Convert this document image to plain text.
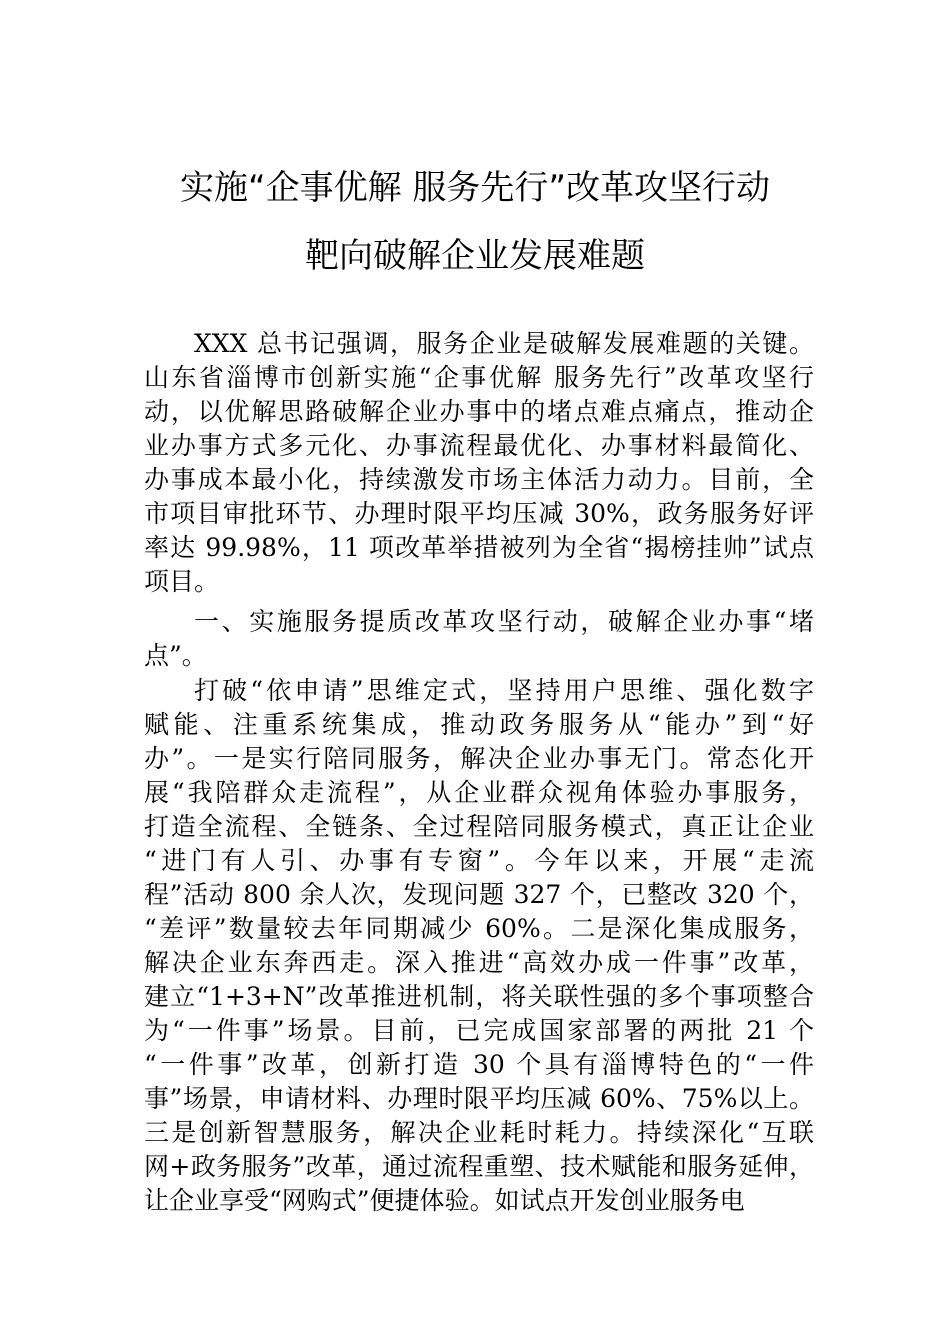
实施“企事优解 服务先行”改革攻坚行动
靶向破解企业发展难题
XXX 总书记强调，服务企业是破解发展难题的关键。
山东省淄博市创新实施“企事优解 服务先行”改革攻坚行
动，以优解思路破解企业办事中的堵点难点痛点，推动企
业办事方式多元化、办事流程最优化、办事材料最简化、
办事成本最小化，持续激发市场主体活力动力。目前，全
市项目审批环节、办理时限平均压减 30%，政务服务好评
率达 99.98%，11 项改革举措被列为全省“揭榜挂帅”试点
项目。
一、实施服务提质改革攻坚行动，破解企业办事“堵
点”。
打破“依申请”思维定式，坚持用户思维、强化数字
赋能、注重系统集成，推动政务服务从“能办”到“好
办”。一是实行陪同服务，解决企业办事无门。常态化开
展“我陪群众走流程”，从企业群众视角体验办事服务，
打造全流程、全链条、全过程陪同服务模式，真正让企业
“进门有人引、办事有专窗”。今年以来，开展“走流
程”活动 800 余人次，发现问题 327 个，已整改 320 个，
“差评”数量较去年同期减少 60%。二是深化集成服务，
解决企业东奔西走。深入推进“高效办成一件事”改革，
建立“1+3+N”改革推进机制，将关联性强的多个事项整合
为“一件事”场景。目前，已完成国家部署的两批 21 个
“一件事”改革，创新打造 30 个具有淄博特色的“一件
事”场景，申请材料、办理时限平均压减 60%、75%以上。
三是创新智慧服务，解决企业耗时耗力。持续深化“互联
网+政务服务”改革，通过流程重塑、技术赋能和服务延伸，
让企业享受“网购式”便捷体验。如试点开发创业服务电
